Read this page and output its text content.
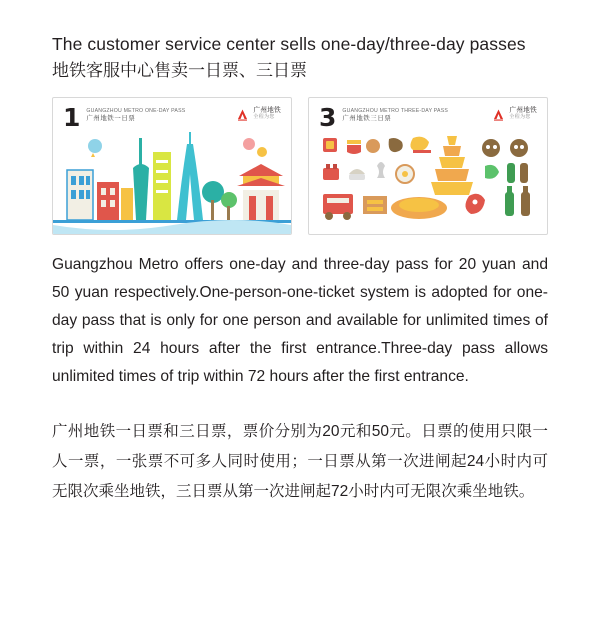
The customer service center sells one-day/three-day passes
地铁客服中心售卖一日票、三日票
1 GUANGZHOU METRO ONE-DAY PASS
广州地铁一日票
广州地铁
全程为您 3 GUANGZHOU METRO THREE-DAY PASS
广州地铁三日票
广州地铁
全程为您

Guangzhou Metro offers one-day and three-day pass for 20 yuan and 50 yuan respectively.One-person-one-ticket system is adopted for one-day pass that is only for one person and available for unlimited times of trip within 24 hours after the first entrance.Three-day pass allows unlimited times of trip within 72 hours after the first entrance.

广州地铁一日票和三日票，票价分别为20元和50元。日票的使用只限一人一票，一张票不可多人同时使用；一日票从第一次进闸起24小时内可无限次乘坐地铁，三日票从第一次进闸起72小时内可无限次乘坐地铁。
